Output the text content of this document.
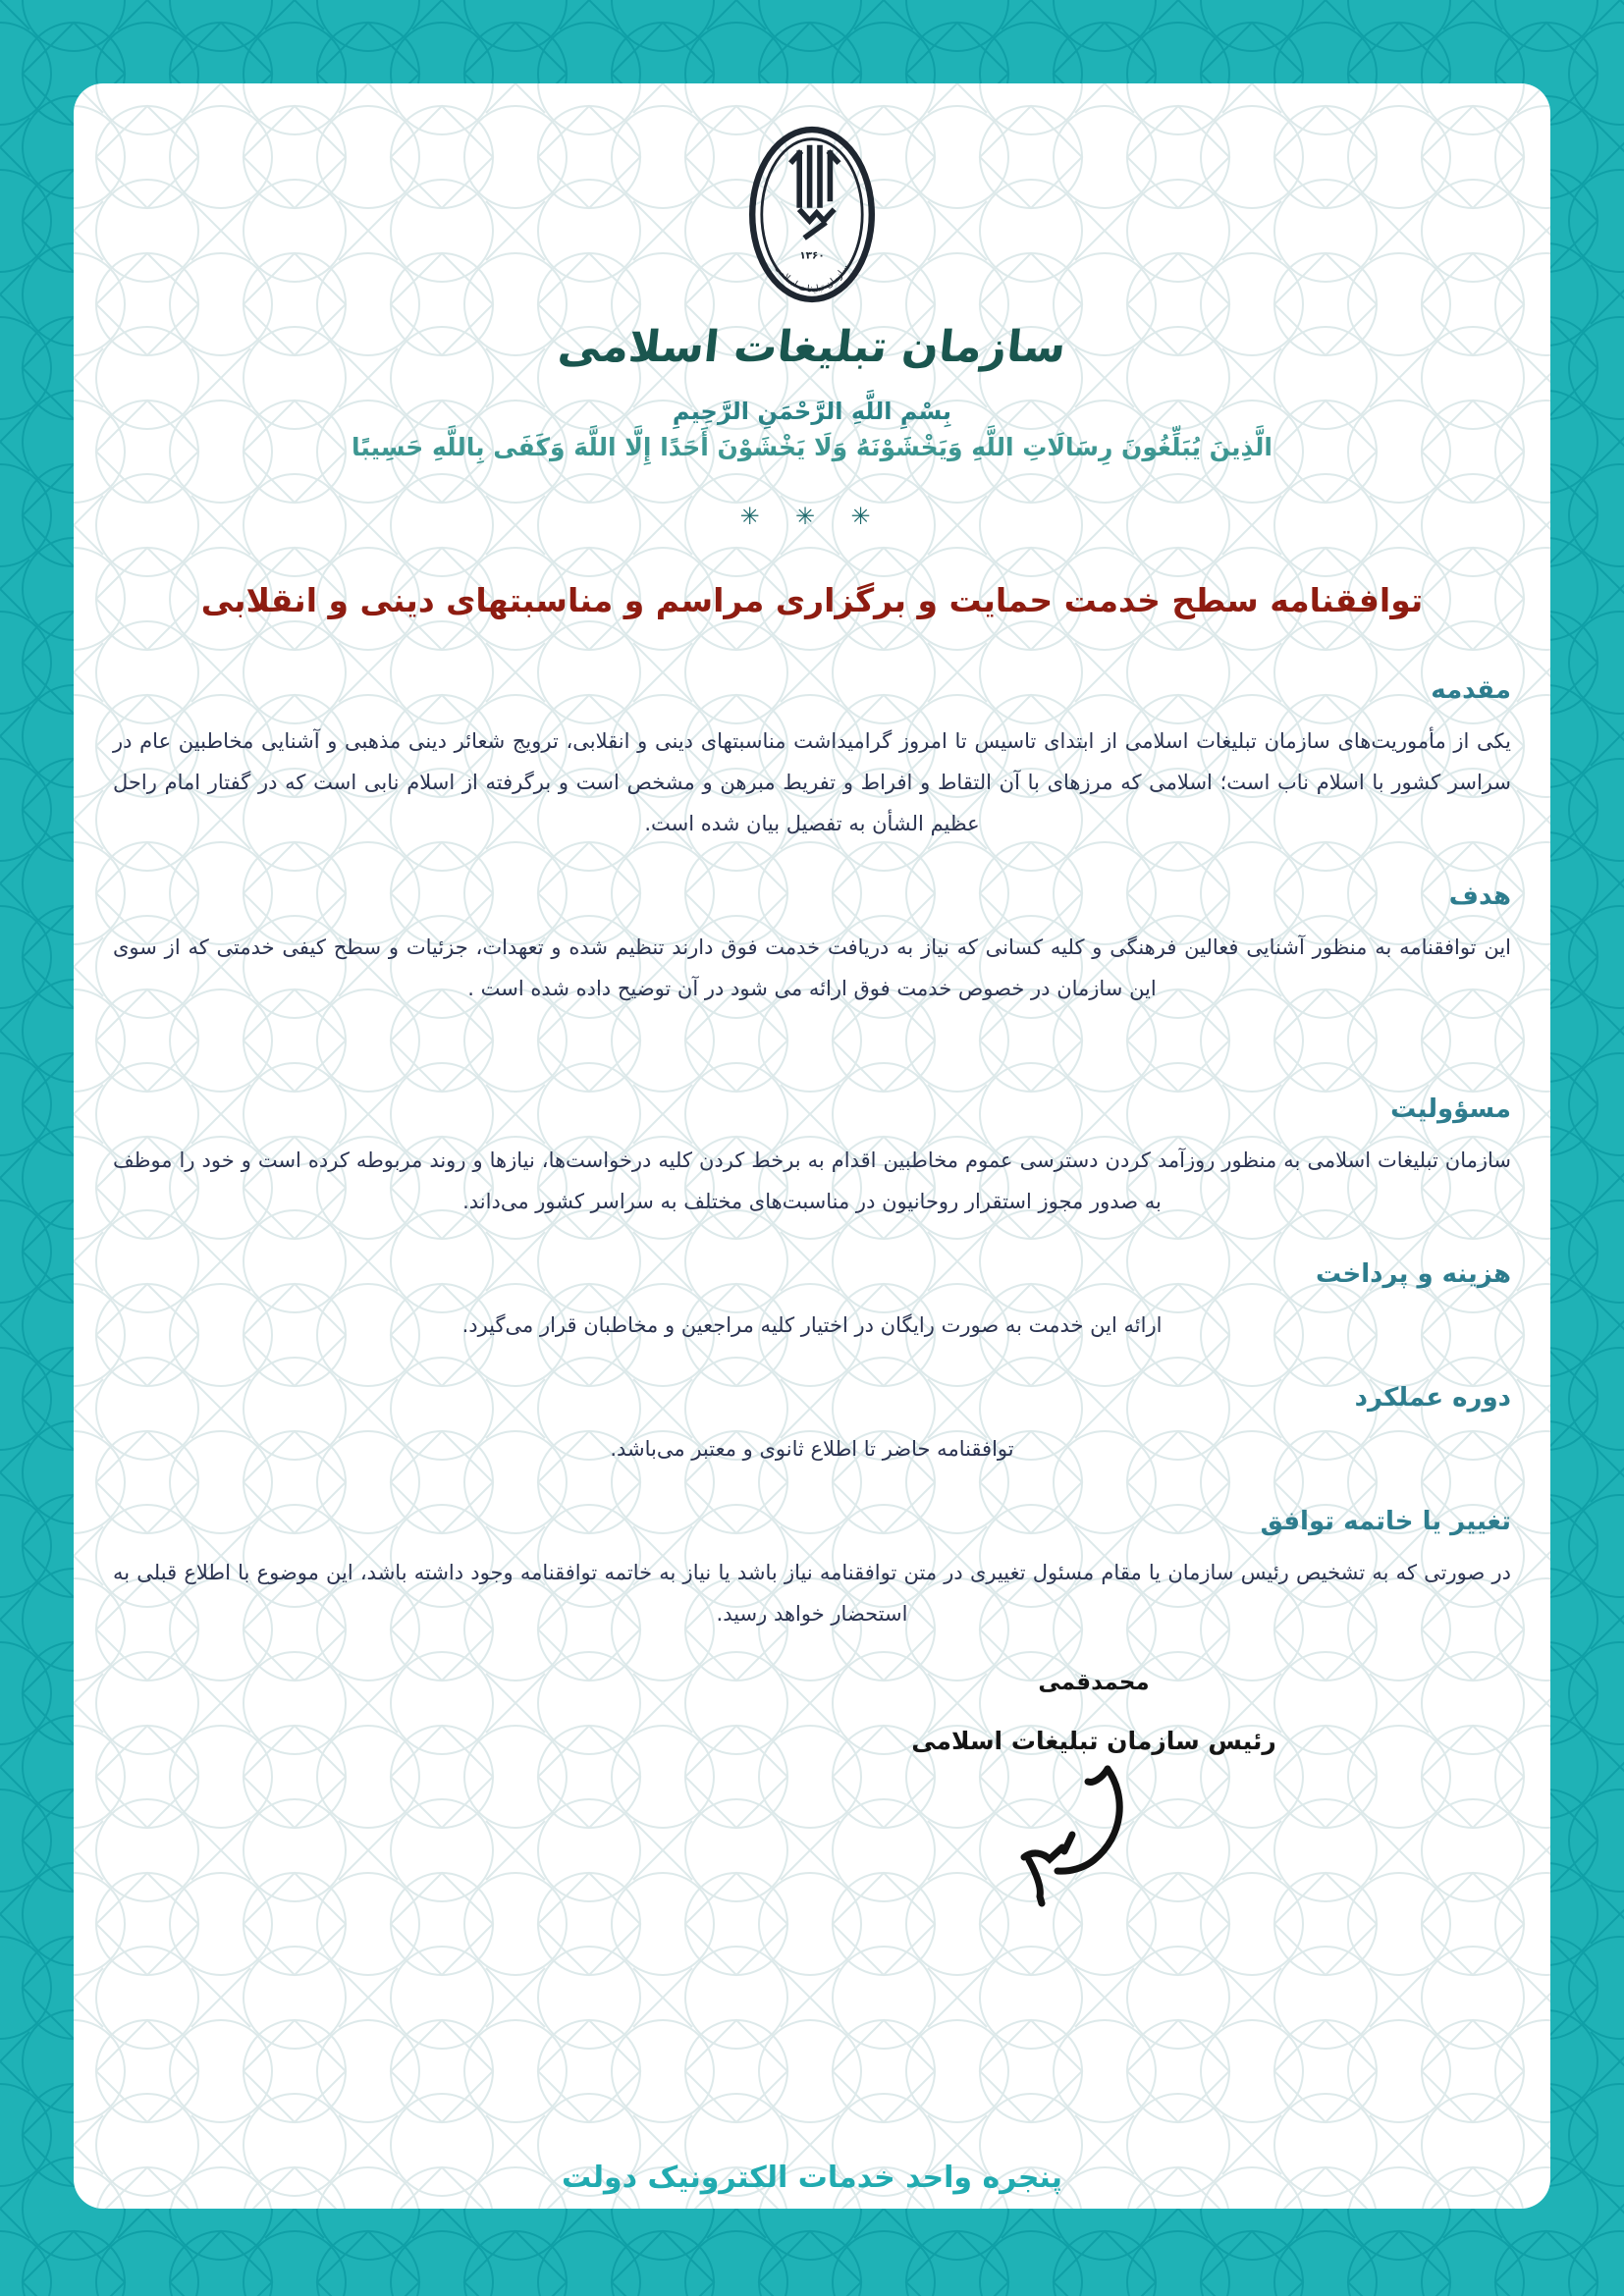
۱۳۶۰
سازمان تبلیغات اسلامی
سازمان تبلیغات اسلامی
بِسْمِ اللَّهِ الرَّحْمَنِ الرَّحِيمِ
الَّذِينَ يُبَلِّغُونَ رِسَالَاتِ اللَّهِ وَيَخْشَوْنَهُ وَلَا يَخْشَوْنَ أَحَدًا إِلَّا اللَّهَ وَكَفَى بِاللَّهِ حَسِيبًا
✳ ✳ ✳
توافقنامه سطح خدمت حمایت و برگزاری مراسم و مناسبتهای دینی و انقلابی
مقدمه

یکی از مأموریت‌های سازمان تبلیغات اسلامی از ابتدای تاسیس تا امروز گرامیداشت مناسبتهای دینی و انقلابی، ترویج شعائر دینی مذهبی و آشنایی مخاطبین عام در سراسر کشور با اسلام ناب است؛ اسلامی که مرزهای با آن التقاط و افراط و تفریط مبرهن و مشخص است و برگرفته از اسلام نابی است که در گفتار امام راحل عظیم الشأن به تفصیل بیان شده است.

هدف

این توافقنامه به منظور آشنایی فعالین فرهنگی و کلیه کسانی که نیاز به دریافت خدمت فوق دارند تنظیم شده و تعهدات، جزئیات و سطح کیفی خدمتی که از سوی این سازمان در خصوص خدمت فوق ارائه می شود در آن توضیح داده شده است .

مسؤولیت

سازمان تبلیغات اسلامی به منظور روزآمد کردن دسترسی عموم مخاطبین اقدام به برخط کردن کلیه درخواست‌ها، نیازها و روند مربوطه کرده است و خود را موظف به صدور مجوز استقرار روحانیون در مناسبت‌های مختلف به سراسر کشور می‌داند.

هزینه و پرداخت

ارائه این خدمت به صورت رایگان در اختیار کلیه مراجعین و مخاطبان قرار می‌گیرد.

دوره عملکرد

توافقنامه حاضر تا اطلاع ثانوی و معتبر می‌باشد.

تغییر یا خاتمه توافق

در صورتی که به تشخیص رئیس سازمان یا مقام مسئول تغییری در متن توافقنامه نیاز باشد یا نیاز به خاتمه توافقنامه وجود داشته باشد، این موضوع با اطلاع قبلی به استحضار خواهد رسید.

محمدقمی
رئیس سازمان تبلیغات اسلامی
پنجره واحد خدمات الکترونیک دولت
